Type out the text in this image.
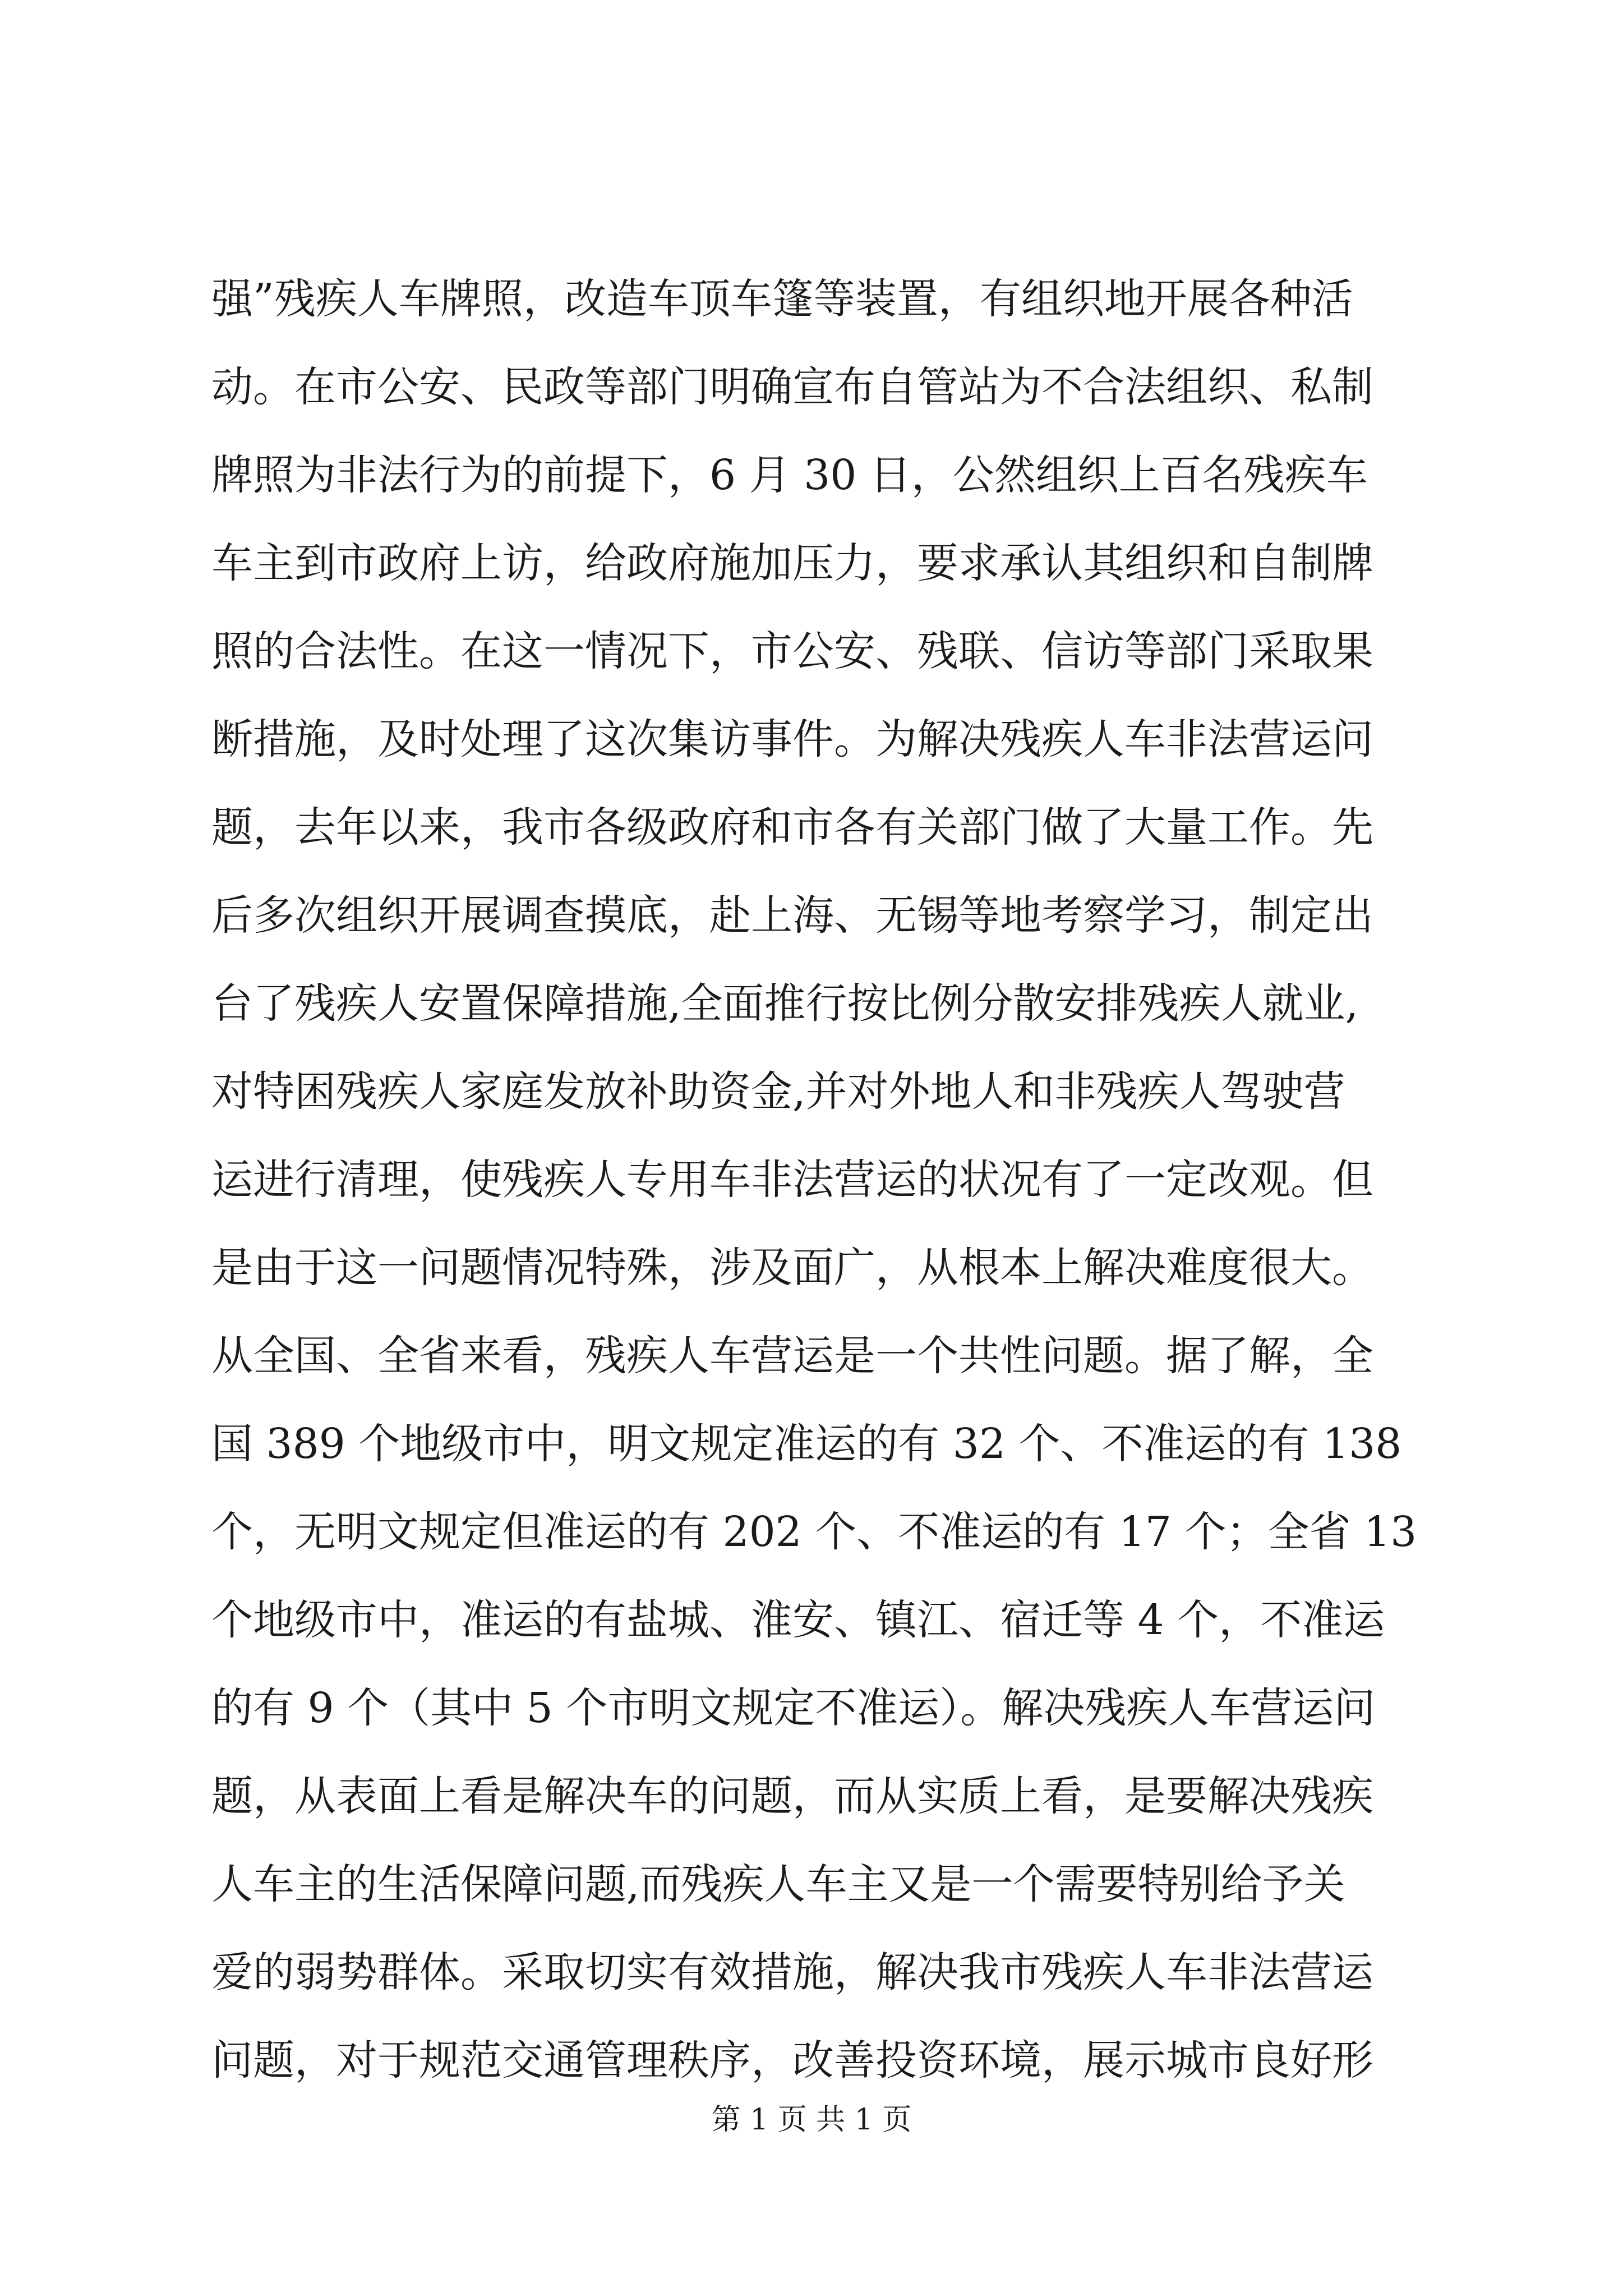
强”残疾人车牌照，改造车顶车篷等装置，有组织地开展各种活
动。在市公安、民政等部门明确宣布自管站为不合法组织、私制
牌照为非法行为的前提下，6 月 30 日，公然组织上百名残疾车
车主到市政府上访，给政府施加压力，要求承认其组织和自制牌
照的合法性。在这一情况下，市公安、残联、信访等部门采取果
断措施，及时处理了这次集访事件。为解决残疾人车非法营运问
题，去年以来，我市各级政府和市各有关部门做了大量工作。先
后多次组织开展调查摸底，赴上海、无锡等地考察学习，制定出
台了残疾人安置保障措施,全面推行按比例分散安排残疾人就业,
对特困残疾人家庭发放补助资金,并对外地人和非残疾人驾驶营
运进行清理，使残疾人专用车非法营运的状况有了一定改观。但
是由于这一问题情况特殊，涉及面广，从根本上解决难度很大。
从全国、全省来看，残疾人车营运是一个共性问题。据了解，全
国 389 个地级市中，明文规定准运的有 32 个、不准运的有 138
个，无明文规定但准运的有 202 个、不准运的有 17 个；全省 13
个地级市中，准运的有盐城、淮安、镇江、宿迁等 4 个，不准运
的有 9 个（其中 5 个市明文规定不准运）。解决残疾人车营运问
题，从表面上看是解决车的问题，而从实质上看，是要解决残疾
人车主的生活保障问题,而残疾人车主又是一个需要特别给予关
爱的弱势群体。采取切实有效措施，解决我市残疾人车非法营运
问题，对于规范交通管理秩序，改善投资环境，展示城市良好形
第 1 页 共 1 页
